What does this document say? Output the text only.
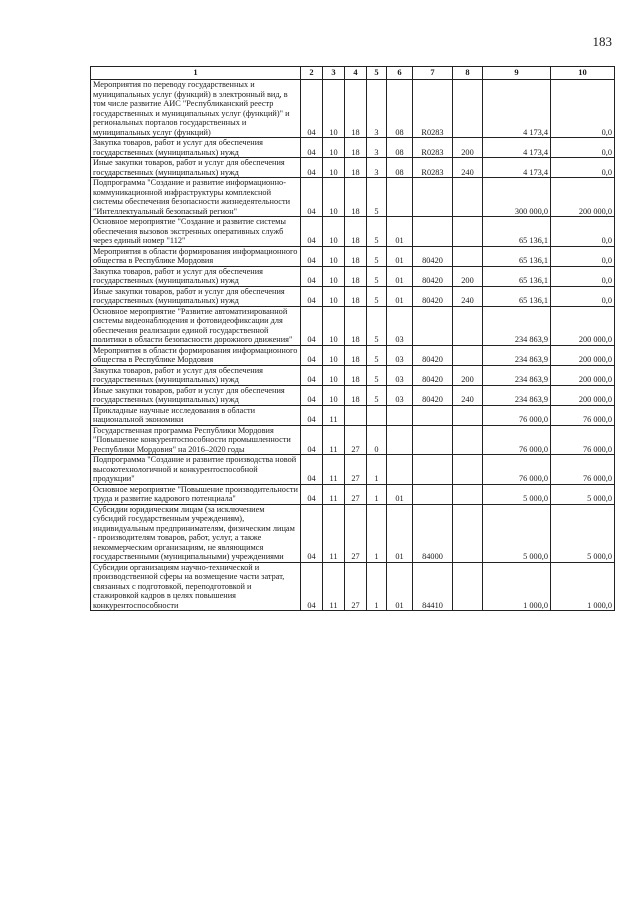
183
1	2	3	4	5	6	7	8	9	10
Мероприятия по переводу государственных и муниципальных услуг (функций) в электронный вид, в том числе развитие АИС "Республиканский реестр государственных и муниципальных услуг (функций)" и региональных порталов государственных и муниципальных услуг (функций)	04	10	18	3	08	R0283		4 173,4	0,0
Закупка товаров, работ и услуг для обеспечения государственных (муниципальных) нужд	04	10	18	3	08	R0283	200	4 173,4	0,0
Иные закупки товаров, работ и услуг для обеспечения государственных (муниципальных) нужд	04	10	18	3	08	R0283	240	4 173,4	0,0
Подпрограмма "Создание и развитие информационно-коммуникационной инфраструктуры комплексной системы обеспечения безопасности жизнедеятельности "Интеллектуальный безопасный регион"	04	10	18	5				300 000,0	200 000,0
Основное мероприятие "Создание и развитие системы обеспечения вызовов экстренных оперативных служб через единый номер "112"	04	10	18	5	01			65 136,1	0,0
Мероприятия в области формирования информационного общества в Республике Мордовия	04	10	18	5	01	80420		65 136,1	0,0
Закупка товаров, работ и услуг для обеспечения государственных (муниципальных) нужд	04	10	18	5	01	80420	200	65 136,1	0,0
Иные закупки товаров, работ и услуг для обеспечения государственных (муниципальных) нужд	04	10	18	5	01	80420	240	65 136,1	0,0
Основное мероприятие "Развитие автоматизированной системы видеонаблюдения и фотовидеофиксации для обеспечения реализации единой государственной политики в области безопасности дорожного движения"	04	10	18	5	03			234 863,9	200 000,0
Мероприятия в области формирования информационного общества в Республике Мордовия	04	10	18	5	03	80420		234 863,9	200 000,0
Закупка товаров, работ и услуг для обеспечения государственных (муниципальных) нужд	04	10	18	5	03	80420	200	234 863,9	200 000,0
Иные закупки товаров, работ и услуг для обеспечения государственных (муниципальных) нужд	04	10	18	5	03	80420	240	234 863,9	200 000,0
Прикладные научные исследования в области национальной экономики	04	11						76 000,0	76 000,0
Государственная программа Республики Мордовия "Повышение конкурентоспособности промышленности Республики Мордовия" на 2016–2020 годы	04	11	27	0				76 000,0	76 000,0
Подпрограмма "Создание и развитие производства новой высокотехнологичной и конкурентоспособной продукции"	04	11	27	1				76 000,0	76 000,0
Основное мероприятие "Повышение производительности труда и развитие кадрового потенциала"	04	11	27	1	01			5 000,0	5 000,0
Субсидии юридическим лицам (за исключением субсидий государственным учреждениям), индивидуальным предпринимателям, физическим лицам - производителям товаров, работ, услуг, а также некоммерческим организациям, не являющимся государственными (муниципальными) учреждениями	04	11	27	1	01	84000		5 000,0	5 000,0
Субсидии организациям научно-технической и производственной сферы на возмещение части затрат, связанных с подготовкой, переподготовкой и стажировкой кадров в целях повышения конкурентоспособности	04	11	27	1	01	84410		1 000,0	1 000,0
